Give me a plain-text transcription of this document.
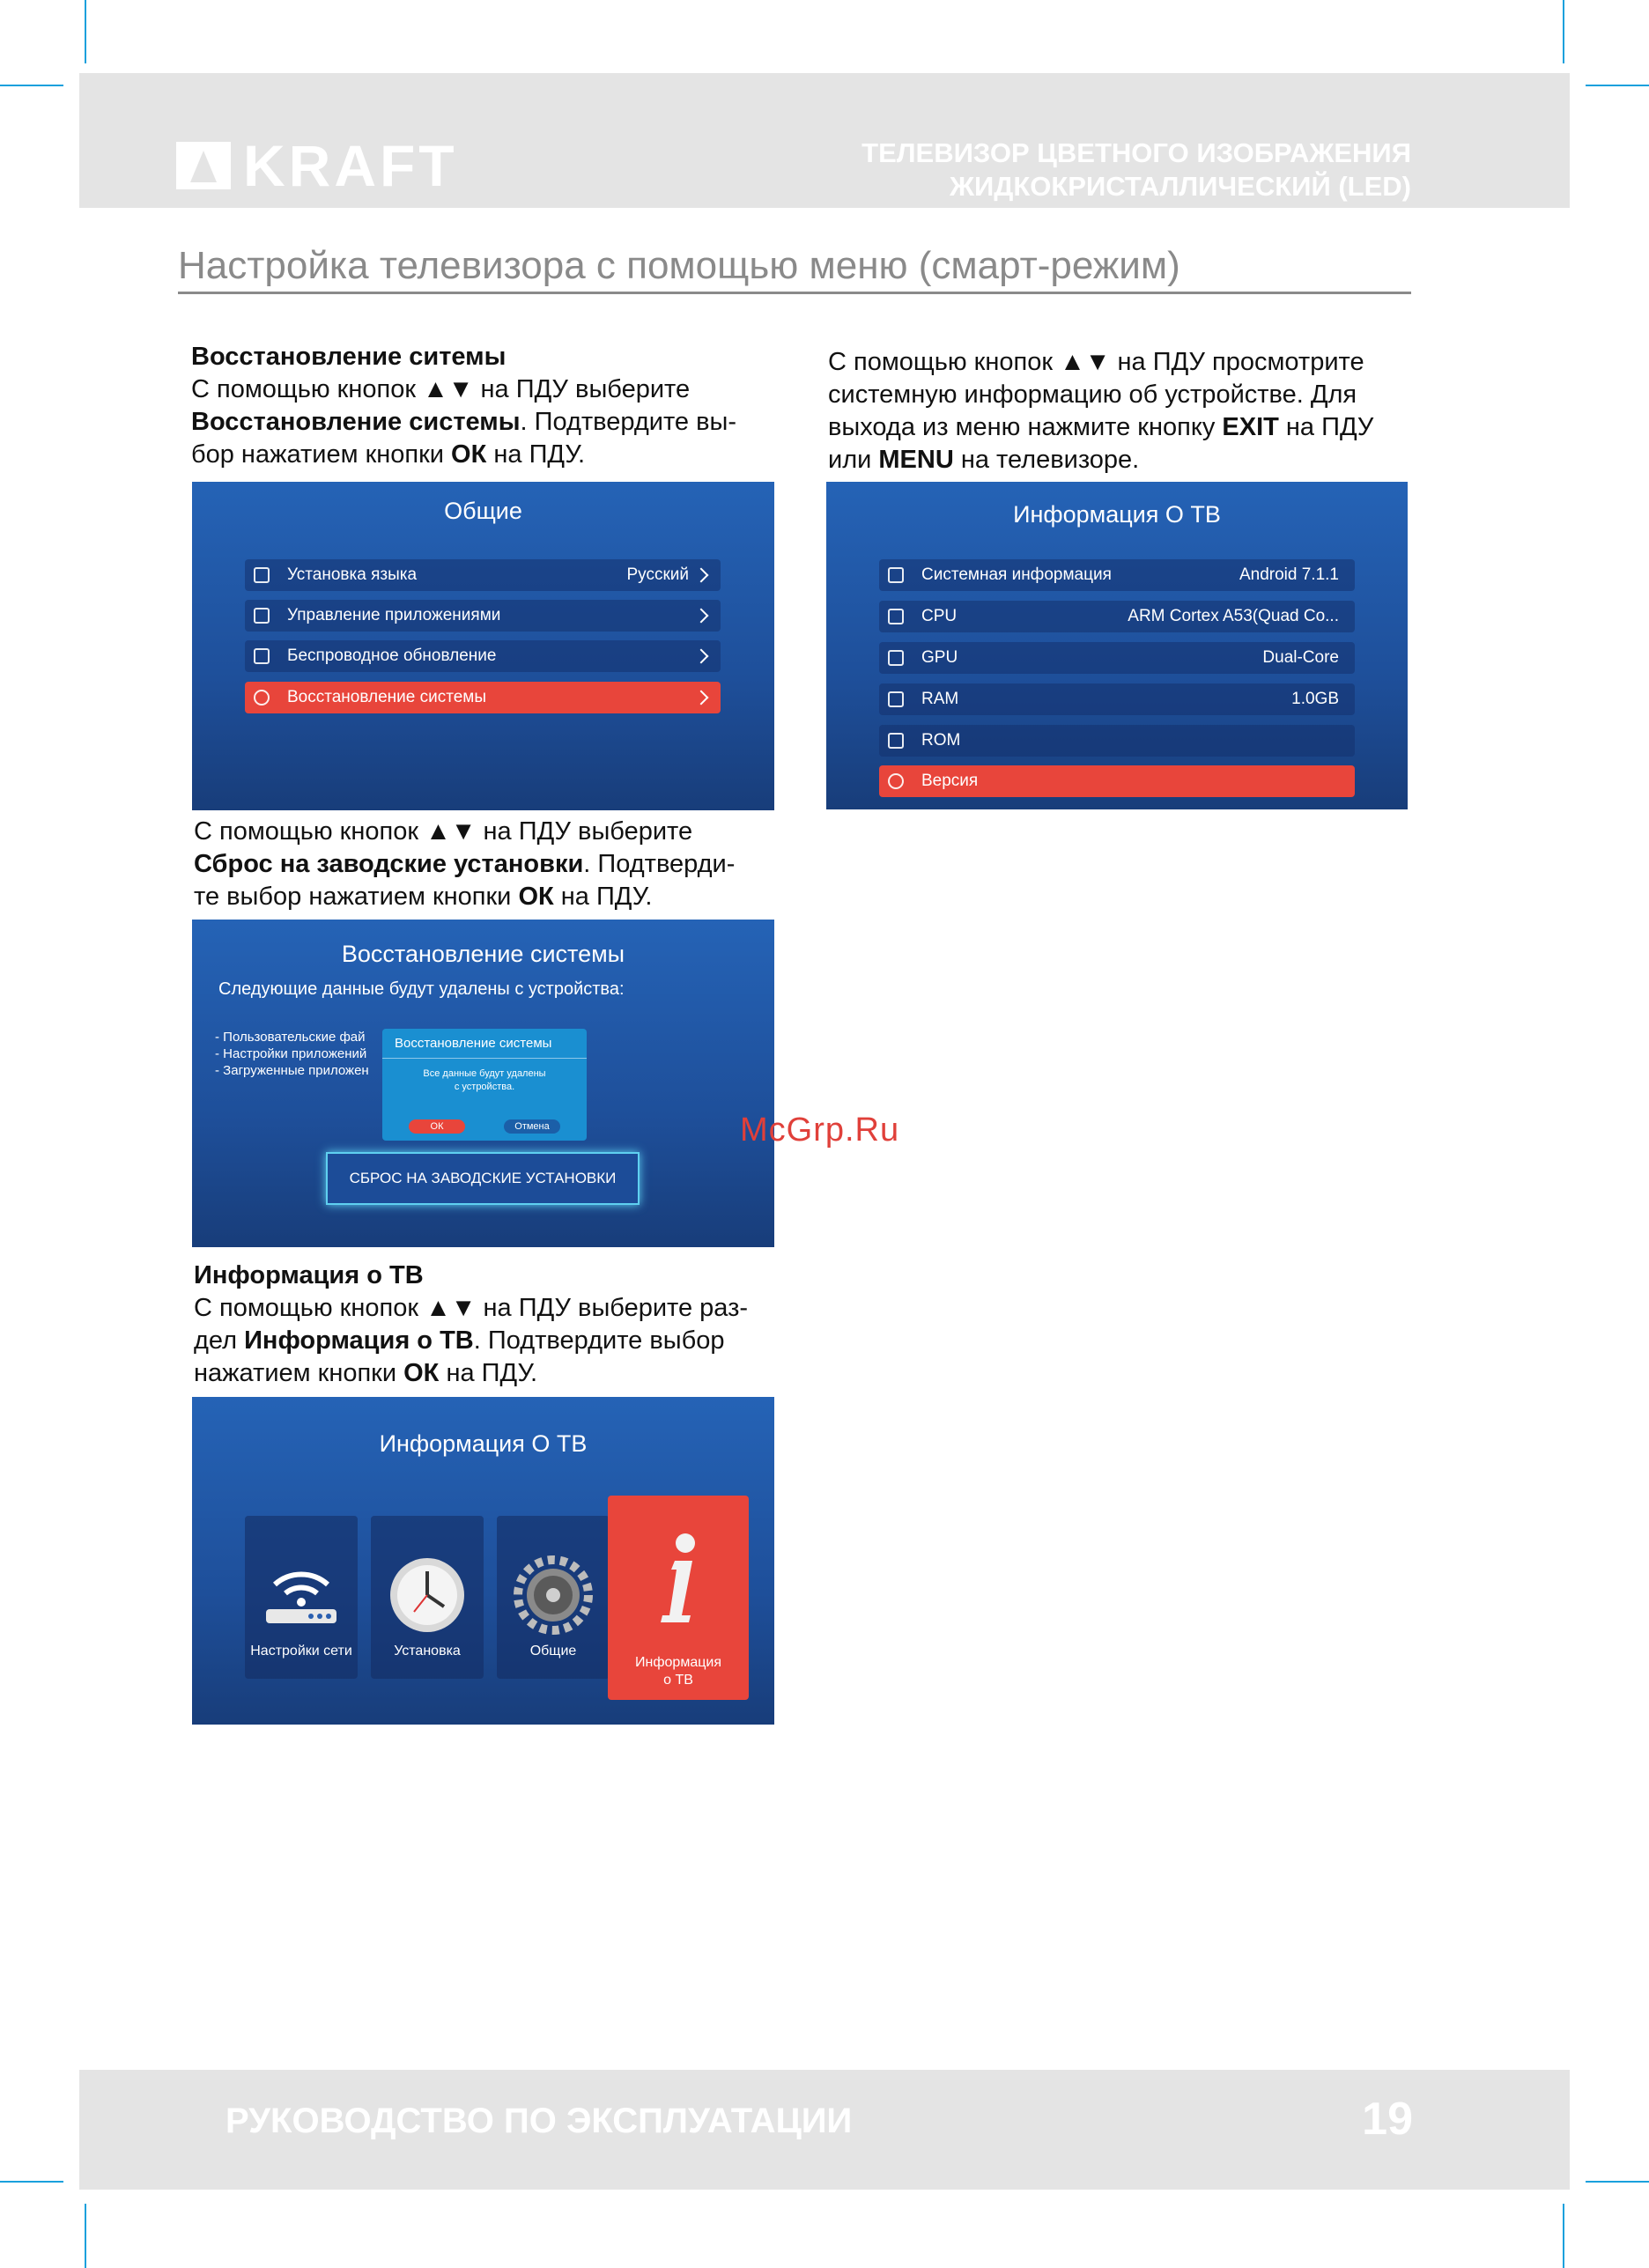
KRAFT	ТЕЛЕВИЗОР ЦВЕТНОГО ИЗОБРАЖЕНИЯ
ЖИДКОКРИСТАЛЛИЧЕСКИЙ (LED)
Настройка телевизора с помощью меню (смарт-режим)
Восстановление ситемы
С помощью кнопок ▲▼ на ПДУ выберите
Восстановление системы. Подтвердите вы-
бор нажатием кнопки ОК на ПДУ.
Общие
Установка языка	Русский
Управление приложениями
Беспроводное обновление
Восстановление системы
С помощью кнопок ▲▼ на ПДУ выберите
Сброс на заводские установки. Подтверди-
те выбор нажатием кнопки ОК на ПДУ.
Восстановление системы
Следующие данные будут удалены с устройства:
- Пользовательские фай
- Настройки приложений
- Загруженные приложен
Восстановление системы
Все данные будут удалены
с устройства.
ОК	Отмена
СБРОС НА ЗАВОДСКИЕ УСТАНОВКИ
Информация о ТВ
С помощью кнопок ▲▼ на ПДУ выберите раз-
дел Информация о ТВ. Подтвердите выбор
нажатием кнопки ОК на ПДУ.
Информация О ТВ
Настройки сети	Установка	Общие
Информация
о ТВ
С помощью кнопок ▲▼ на ПДУ просмотрите
системную информацию об устройстве. Для
выхода из меню нажмите кнопку EXIT на ПДУ
или MENU на телевизоре.
Информация О ТВ
Системная информация	Android 7.1.1
CPU	ARM Cortex A53(Quad Co...
GPU	Dual-Core
RAM	1.0GB
ROM
Версия
McGrp.Ru
РУКОВОДСТВО ПО ЭКСПЛУАТАЦИИ	19
